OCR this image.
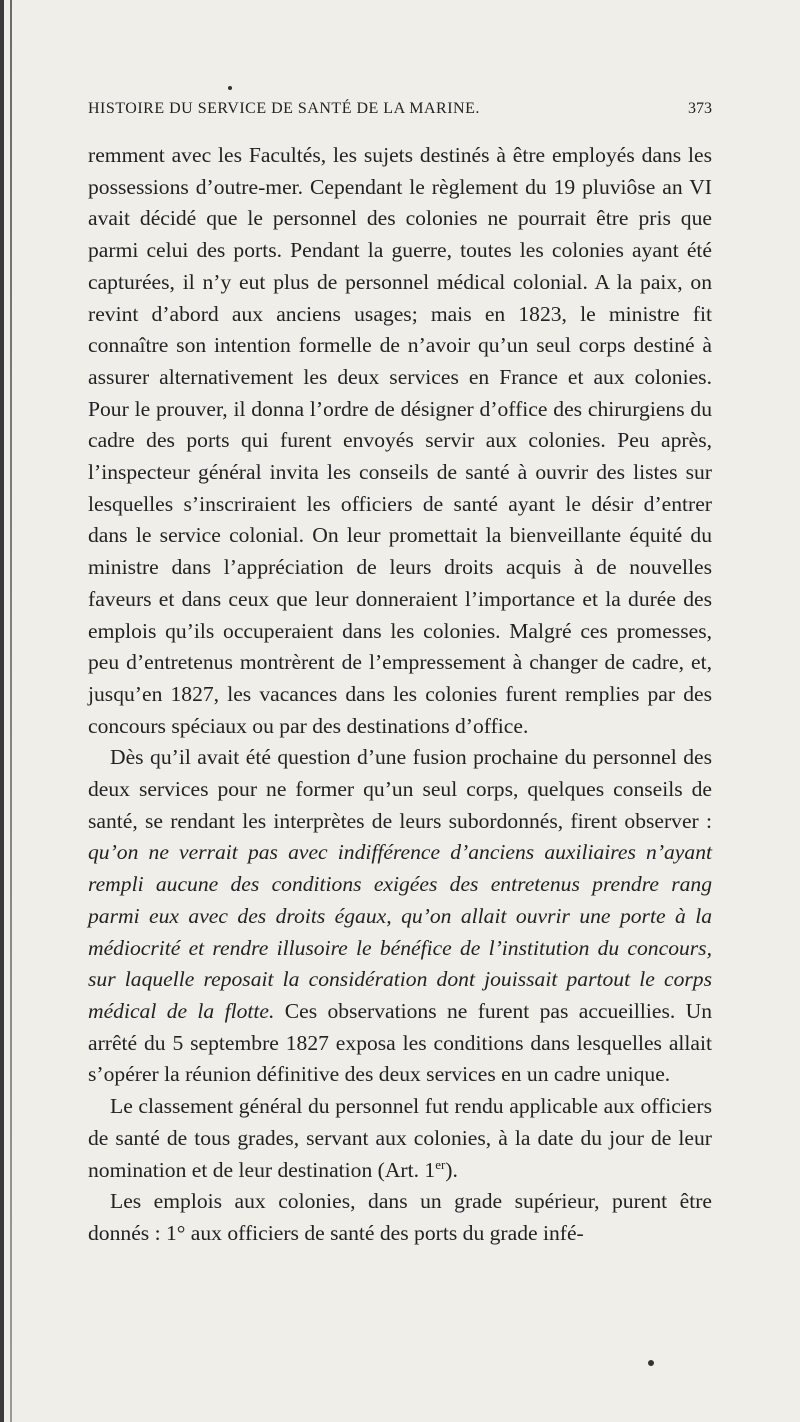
HISTOIRE DU SERVICE DE SANTÉ DE LA MARINE.	373

remment avec les Facultés, les sujets destinés à être employés dans les possessions d’outre-mer. Cependant le règlement du 19 pluviôse an VI avait décidé que le personnel des colonies ne pourrait être pris que parmi celui des ports. Pendant la guerre, toutes les colonies ayant été capturées, il n’y eut plus de personnel médical colonial. A la paix, on revint d’abord aux anciens usages; mais en 1823, le ministre fit connaître son intention formelle de n’avoir qu’un seul corps destiné à assurer alternativement les deux services en France et aux colonies. Pour le prouver, il donna l’ordre de désigner d’office des chirurgiens du cadre des ports qui furent envoyés servir aux colonies. Peu après, l’inspecteur général invita les conseils de santé à ouvrir des listes sur lesquelles s’inscriraient les officiers de santé ayant le désir d’entrer dans le service colonial. On leur promettait la bienveillante équité du ministre dans l’appréciation de leurs droits acquis à de nouvelles faveurs et dans ceux que leur donneraient l’importance et la durée des emplois qu’ils occuperaient dans les colonies. Malgré ces promesses, peu d’entretenus montrèrent de l’empressement à changer de cadre, et, jusqu’en 1827, les vacances dans les colonies furent remplies par des concours spéciaux ou par des destinations d’office.

Dès qu’il avait été question d’une fusion prochaine du personnel des deux services pour ne former qu’un seul corps, quelques conseils de santé, se rendant les interprètes de leurs subordonnés, firent observer : qu’on ne verrait pas avec indifférence d’anciens auxiliaires n’ayant rempli aucune des conditions exigées des entretenus prendre rang parmi eux avec des droits égaux, qu’on allait ouvrir une porte à la médiocrité et rendre illusoire le bénéfice de l’institution du concours, sur laquelle reposait la considération dont jouissait partout le corps médical de la flotte. Ces observations ne furent pas accueillies. Un arrêté du 5 septembre 1827 exposa les conditions dans lesquelles allait s’opérer la réunion définitive des deux services en un cadre unique.

Le classement général du personnel fut rendu applicable aux officiers de santé de tous grades, servant aux colonies, à la date du jour de leur nomination et de leur destination (Art. 1er).

Les emplois aux colonies, dans un grade supérieur, purent être donnés : 1° aux officiers de santé des ports du grade infé-
